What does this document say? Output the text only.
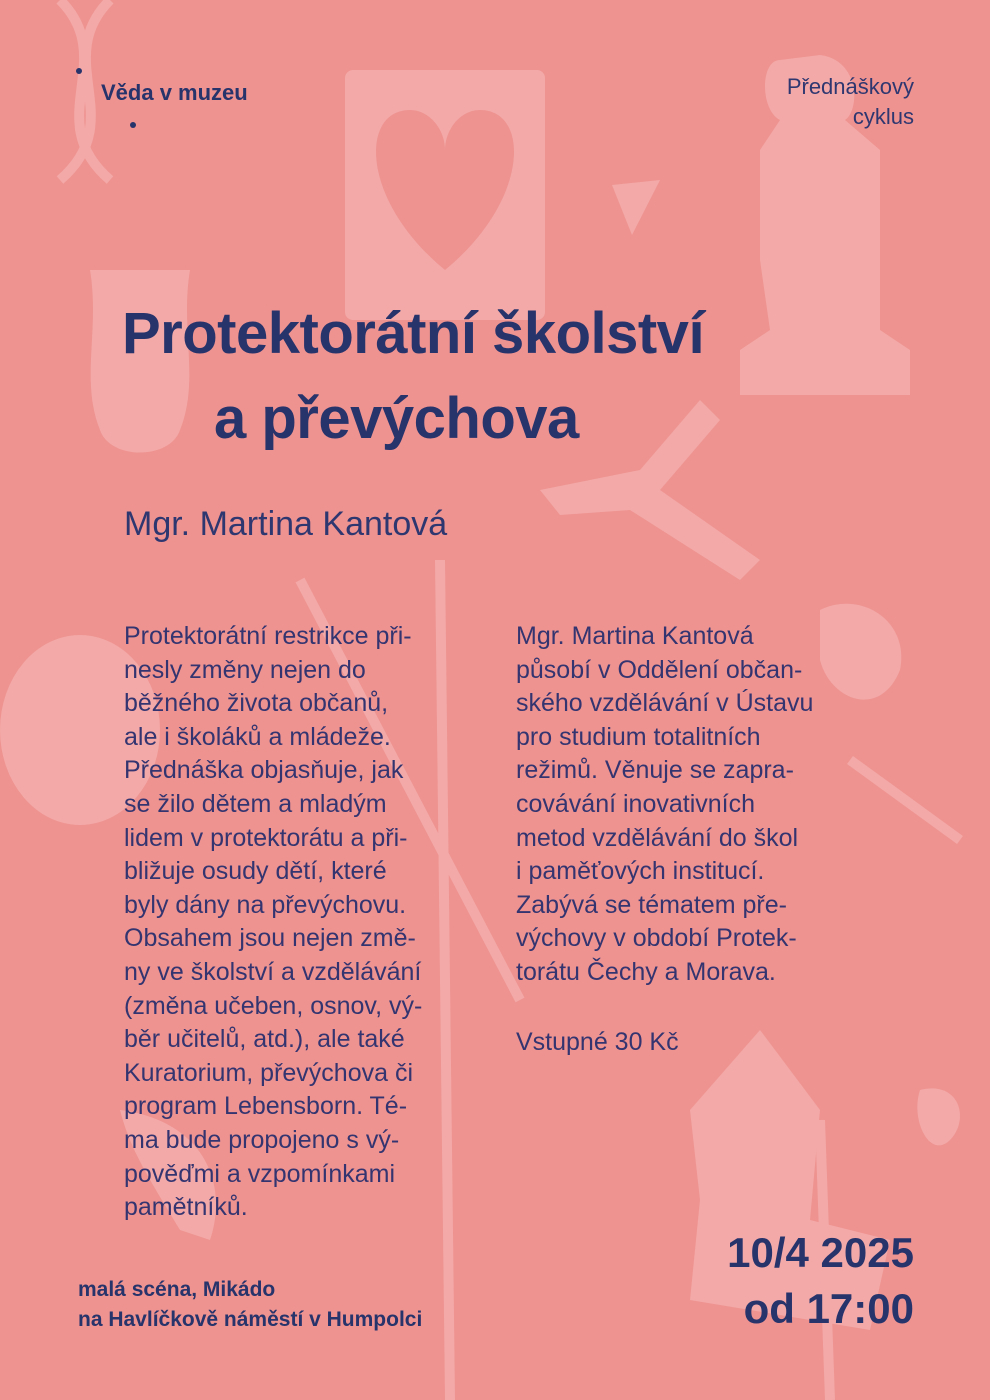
Věda v muzeu	Přednáškový
cyklus
Protektorátní školství
a převýchova
Mgr. Martina Kantová
Protektorátní restrikce při-
nesly změny nejen do
běžného života občanů,
ale i školáků a mládeže.
Přednáška objasňuje, jak
se žilo dětem a mladým
lidem v protektorátu a při-
bližuje osudy dětí, které
byly dány na převýchovu.
Obsahem jsou nejen změ-
ny ve školství a vzdělávání
(změna učeben, osnov, vý-
běr učitelů, atd.), ale také
Kuratorium, převýchova či
program Lebensborn. Té-
ma bude propojeno s vý-
pověďmi a vzpomínkami
pamětníků.
Mgr. Martina Kantová
působí v Oddělení občan-
ského vzdělávání v Ústavu
pro studium totalitních
režimů. Věnuje se zapra-
covávání inovativních
metod vzdělávání do škol
i paměťových institucí.
Zabývá se tématem pře-
výchovy v období Protek-
torátu Čechy a Morava.
Vstupné 30 Kč
malá scéna, Mikádo
na Havlíčkově náměstí v Humpolci
10/4 2025
od 17:00
